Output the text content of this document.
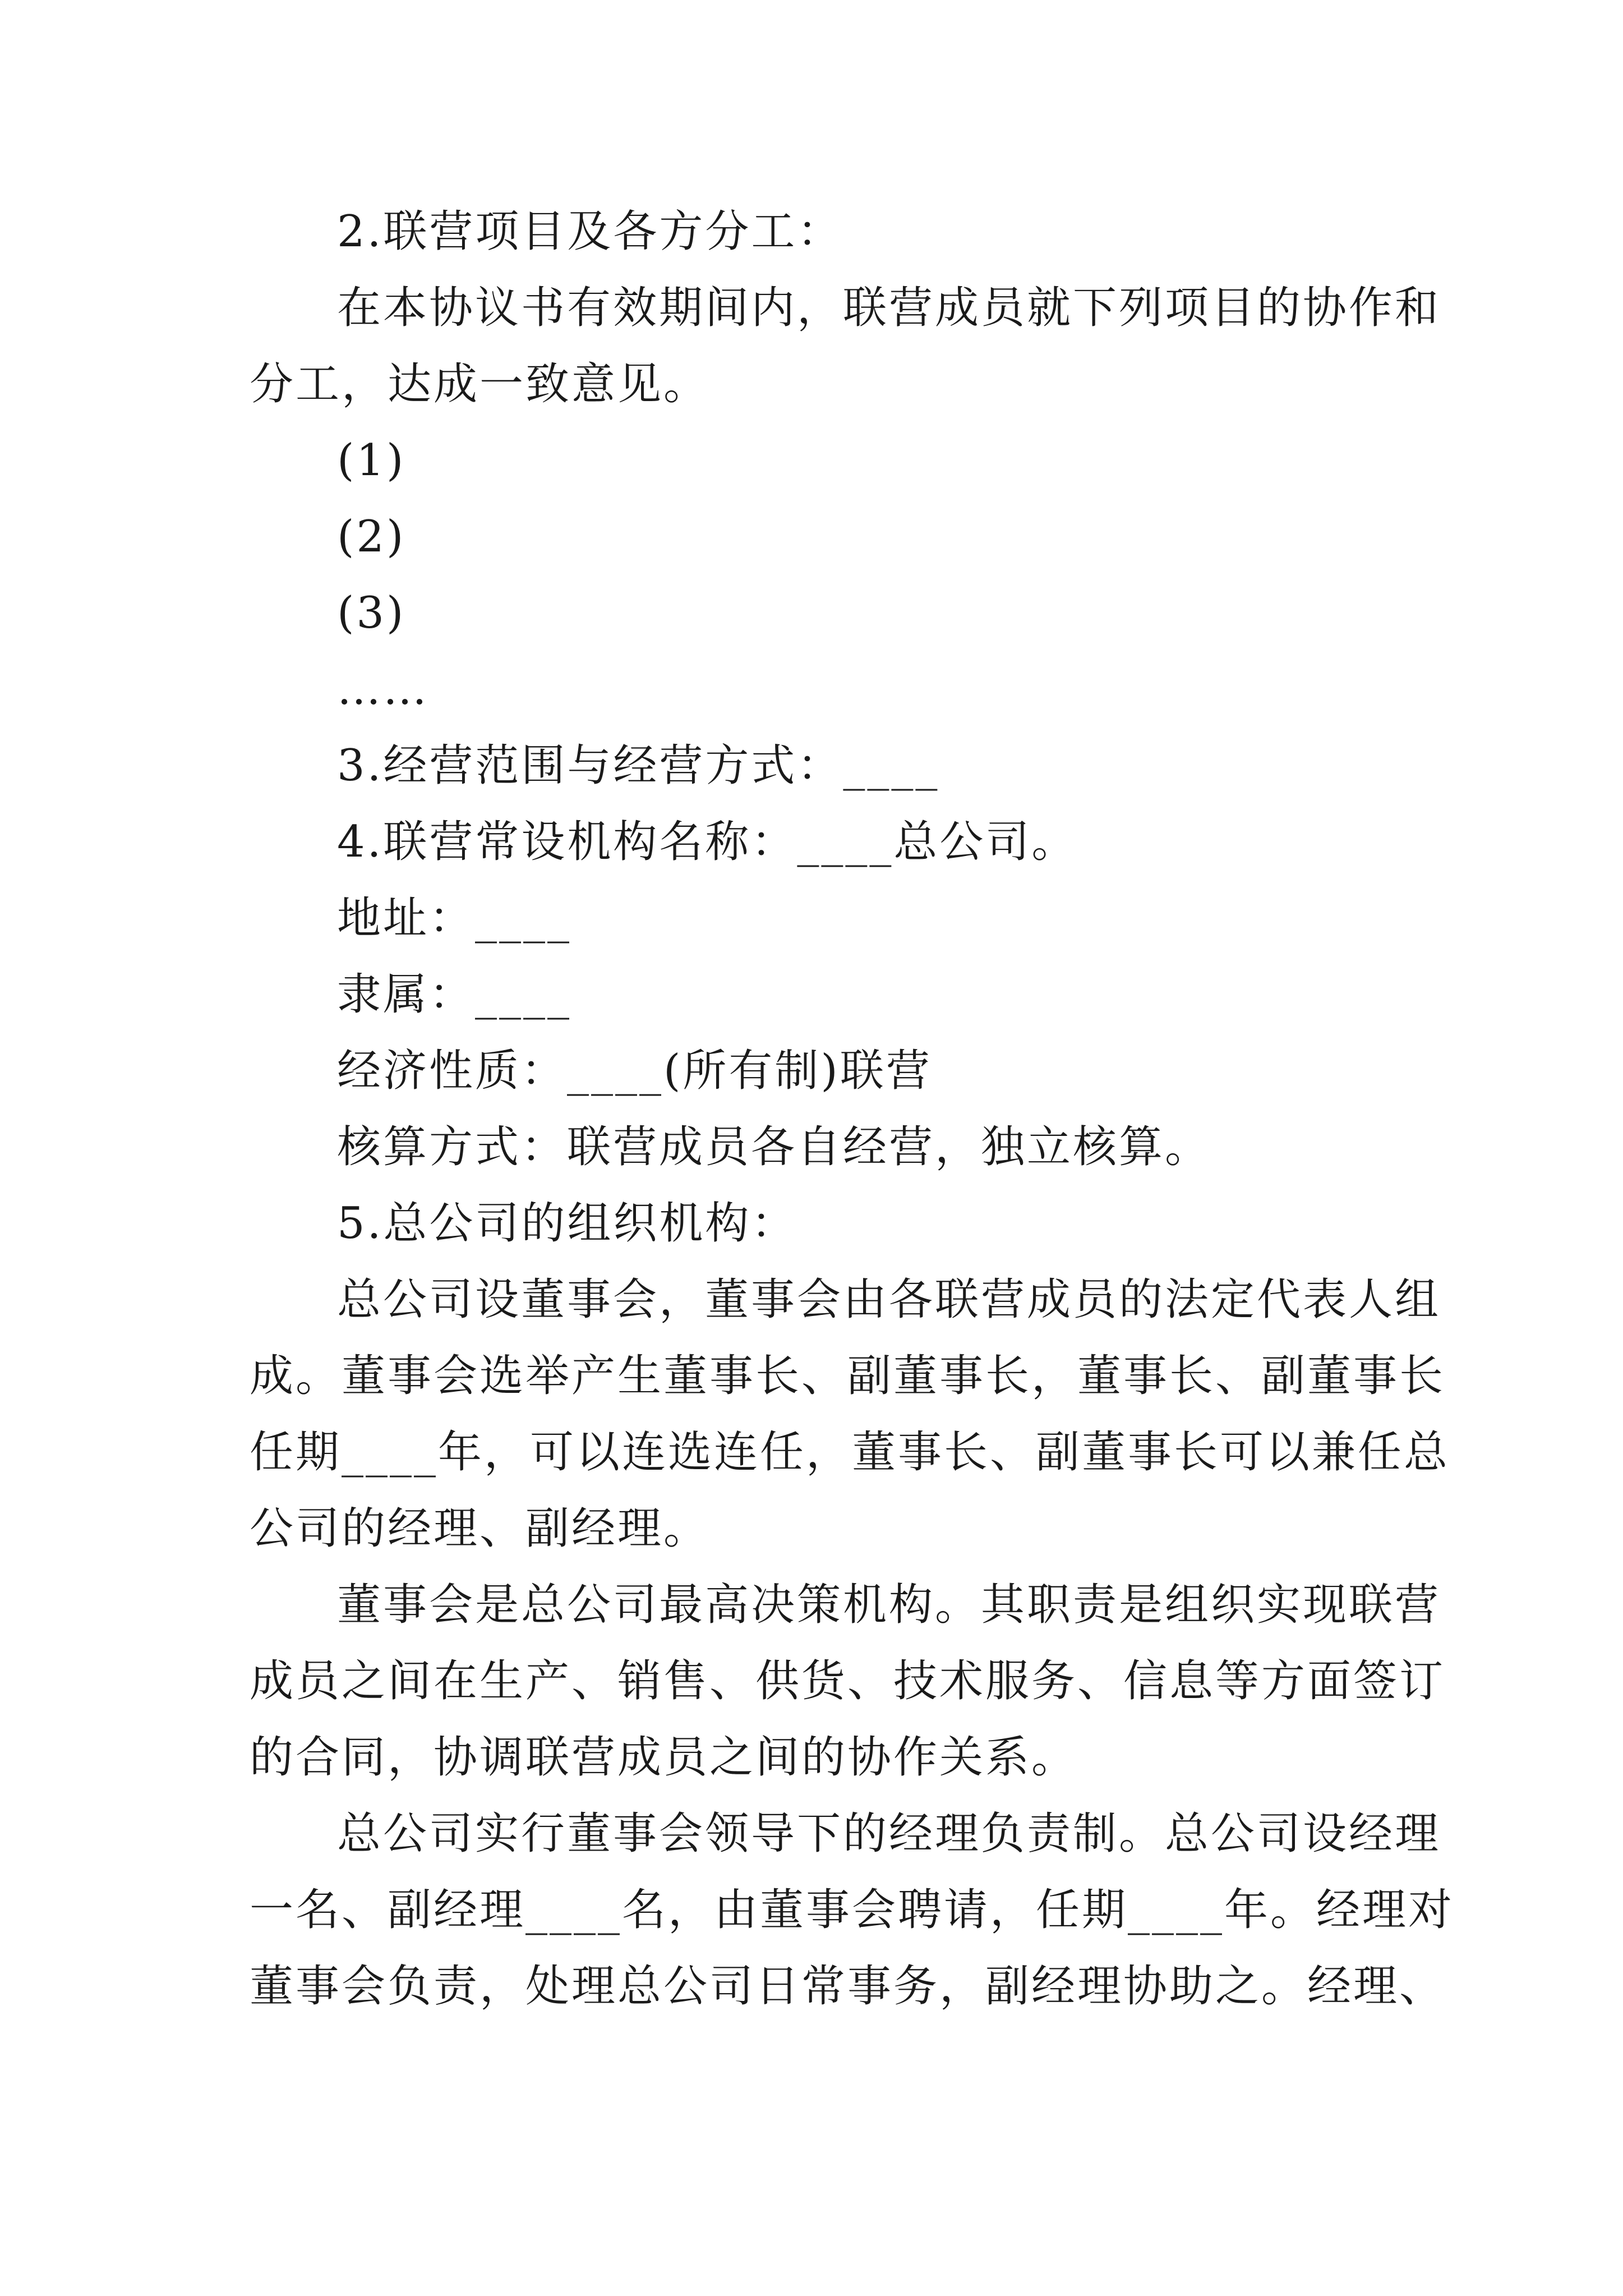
2.联营项目及各方分工：
在本协议书有效期间内，联营成员就下列项目的协作和
分工，达成一致意见。
(1)
(2)
(3)
……
3.经营范围与经营方式：____
4.联营常设机构名称：____总公司。
地址：____
隶属：____
经济性质：____(所有制)联营
核算方式：联营成员各自经营，独立核算。
5.总公司的组织机构：
总公司设董事会，董事会由各联营成员的法定代表人组
成。董事会选举产生董事长、副董事长，董事长、副董事长
任期____年，可以连选连任，董事长、副董事长可以兼任总
公司的经理、副经理。
董事会是总公司最高决策机构。其职责是组织实现联营
成员之间在生产、销售、供货、技术服务、信息等方面签订
的合同，协调联营成员之间的协作关系。
总公司实行董事会领导下的经理负责制。总公司设经理
一名、副经理____名，由董事会聘请，任期____年。经理对
董事会负责，处理总公司日常事务，副经理协助之。经理、
